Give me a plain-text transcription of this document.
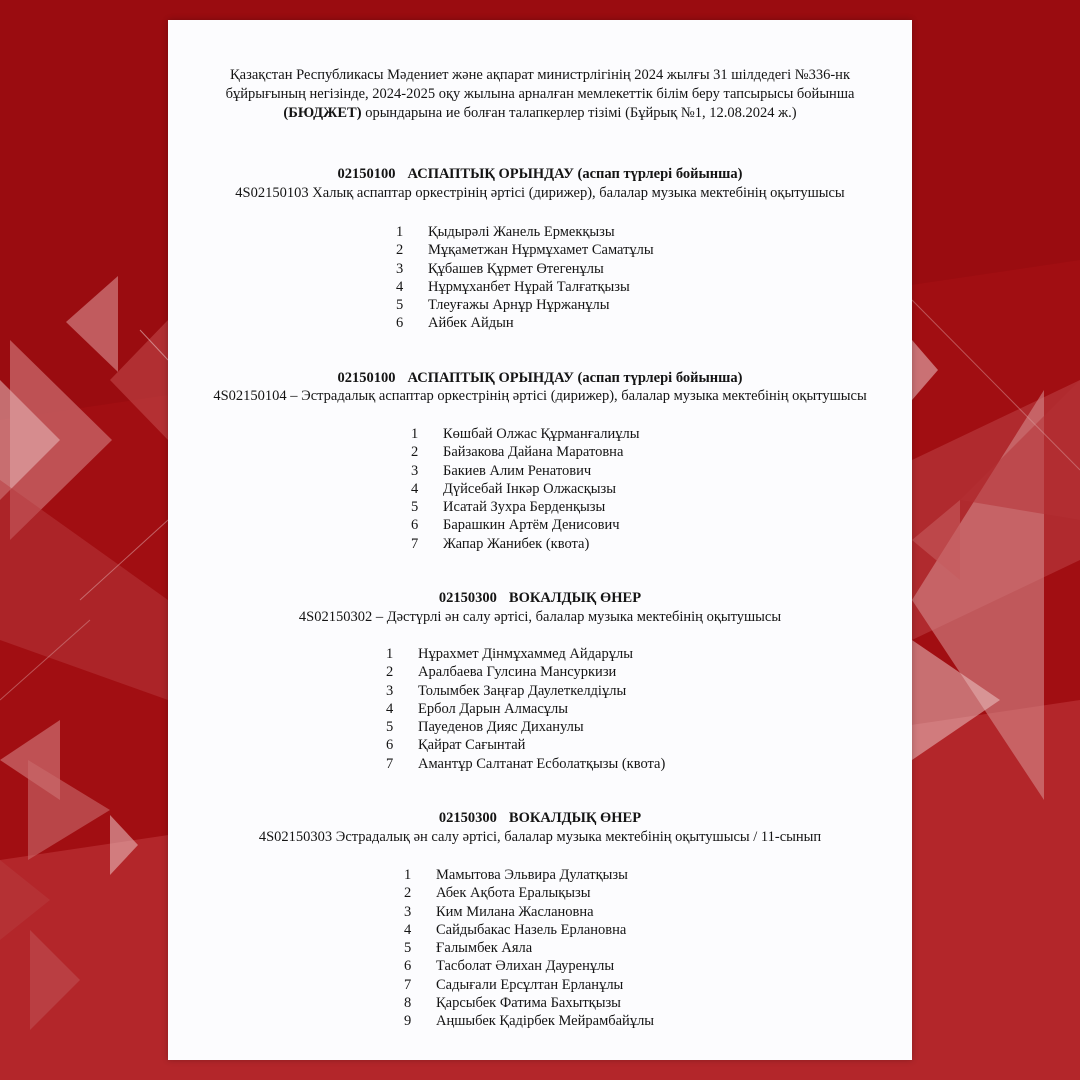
Қазақстан Республикасы Мәдениет және ақпарат министрлігінің 2024 жылғы 31 шілдедегі №336-нк

бұйрығының негізінде, 2024-2025 оқу жылына арналған мемлекеттік білім беру тапсырысы бойынша

(БЮДЖЕТ) орындарына ие болған талапкерлер тізімі (Бұйрық №1, 12.08.2024 ж.)

02150100 АСПАПТЫҚ ОРЫНДАУ (аспап түрлері бойынша)
4S02150103 Халық аспаптар оркестрінің әртісі (дирижер), балалар музыка мектебінің оқытушысы
1 Қыдырәлі Жанель Ермекқызы
2 Мұқаметжан Нұрмұхамет Саматұлы
3 Құбашев Құрмет Өтегенұлы
4 Нұрмұханбет Нұрай Талғатқызы
5 Тлеуғажы Арнұр Нұржанұлы
6 Айбек Айдын
02150100 АСПАПТЫҚ ОРЫНДАУ (аспап түрлері бойынша)
4S02150104 – Эстрадалық аспаптар оркестрінің әртісі (дирижер), балалар музыка мектебінің оқытушысы
1 Көшбай Олжас Құрманғалиұлы
2 Байзакова Дайана Маратовна
3 Бакиев Алим Ренатович
4 Дүйсебай Інкәр Олжасқызы
5 Исатай Зухра Берденқызы
6 Барашкин Артём Денисович
7 Жапар Жанибек (квота)
02150300 ВОКАЛДЫҚ ӨНЕР
4S02150302 – Дәстүрлі ән салу әртісі, балалар музыка мектебінің оқытушысы
1 Нұрахмет Дінмұхаммед Айдарұлы
2 Аралбаева Гулсина Мансуркизи
3 Толымбек Заңғар Даулеткелдіұлы
4 Ербол Дарын Алмасұлы
5 Пауеденов Дияс Диханулы
6 Қайрат Сағынтай
7 Амантұр Салтанат Есболатқызы (квота)
02150300 ВОКАЛДЫҚ ӨНЕР
4S02150303 Эстрадалық ән салу әртісі, балалар музыка мектебінің оқытушысы / 11-сынып
1 Мамытова Эльвира Дулатқызы
2 Абек Ақбота Ералықызы
3 Ким Милана Жаслановна
4 Сайдыбакас Назель Ерлановна
5 Ғалымбек Аяла
6 Тасболат Әлихан Дауренұлы
7 Садығали Ерсұлтан Ерланұлы
8 Қарсыбек Фатима Бахытқызы
9 Аңшыбек Қадірбек Мейрамбайұлы
